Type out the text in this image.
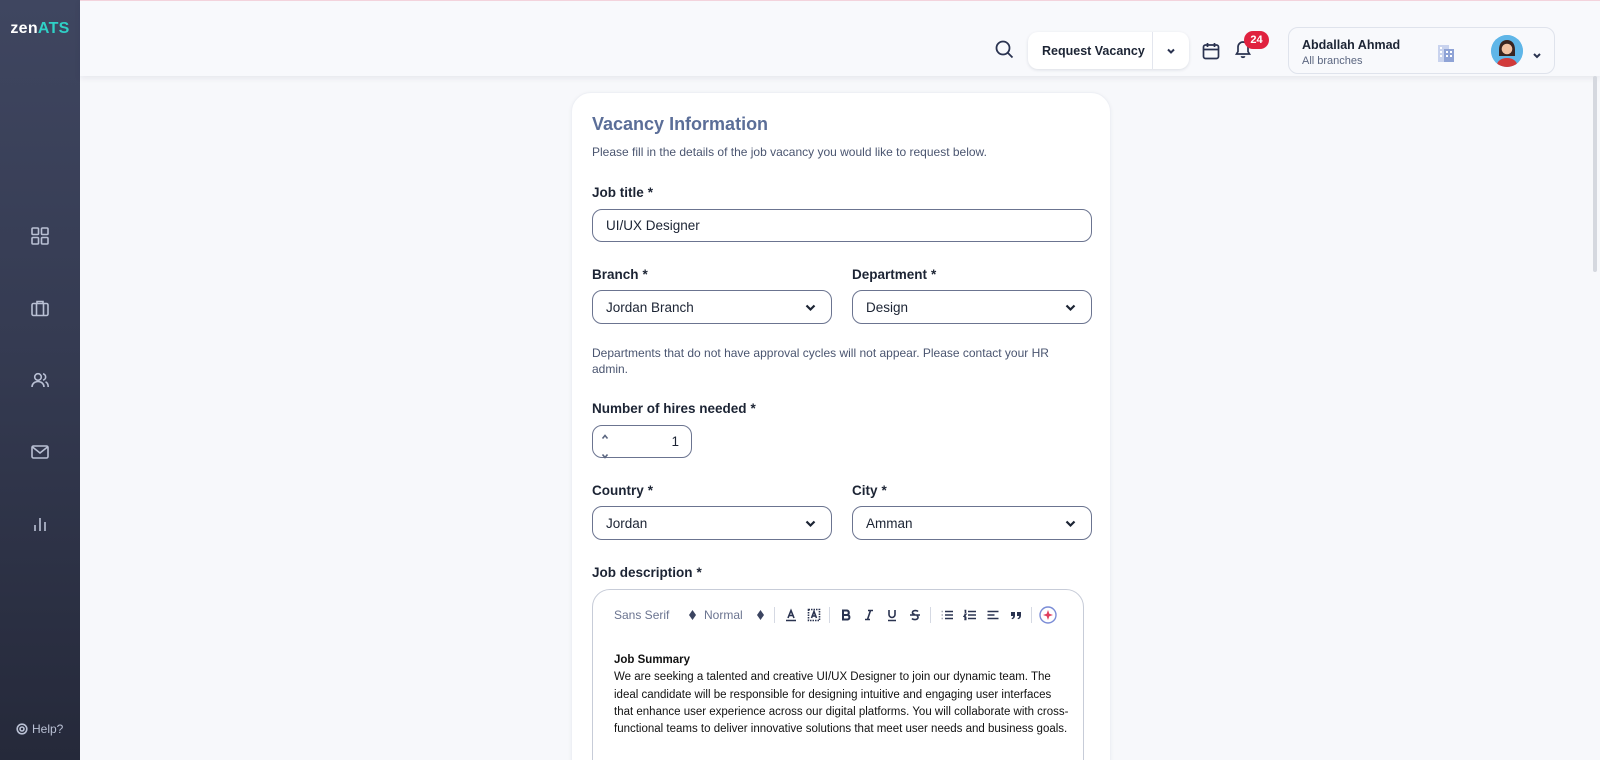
zenATS
Help?
Request Vacancy
24	Abdallah Ahmad
All branches
Vacancy Information

Please fill in the details of the job vacancy you would like to request below.

Job title *
UI/UX Designer
Branch *
Jordan Branch
Department *
Design

Departments that do not have approval cycles will not appear. Please contact your HR admin.

Number of hires needed *
1
Country *
Jordan
City *
Amman
Job description *
Sans Serif	Normal
Job Summary
We are seeking a talented and creative UI/UX Designer to join our dynamic team. The ideal candidate will be responsible for designing intuitive and engaging user interfaces that enhance user experience across our digital platforms. You will collaborate with cross-functional teams to deliver innovative solutions that meet user needs and business goals.
